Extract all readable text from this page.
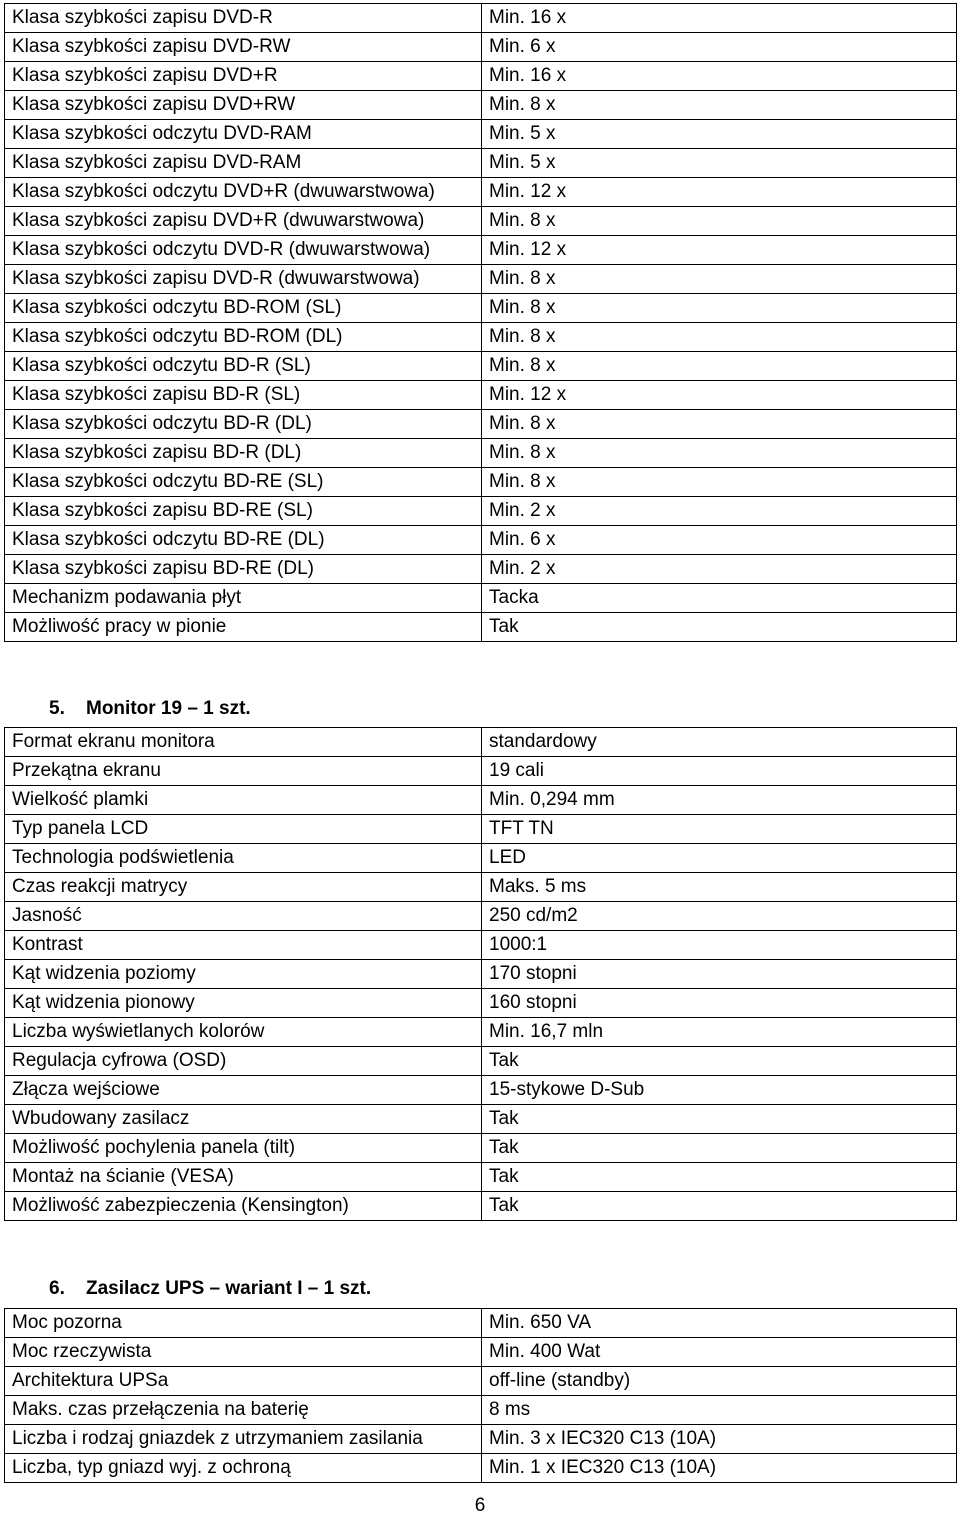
Klasa szybkości zapisu DVD-R	Min. 16 x
Klasa szybkości zapisu DVD-RW	Min. 6 x
Klasa szybkości zapisu DVD+R	Min. 16 x
Klasa szybkości zapisu DVD+RW	Min. 8 x
Klasa szybkości odczytu DVD-RAM	Min. 5 x
Klasa szybkości zapisu DVD-RAM	Min. 5 x
Klasa szybkości odczytu DVD+R (dwuwarstwowa)	Min. 12 x
Klasa szybkości zapisu DVD+R (dwuwarstwowa)	Min. 8 x
Klasa szybkości odczytu DVD-R (dwuwarstwowa)	Min. 12 x
Klasa szybkości zapisu DVD-R (dwuwarstwowa)	Min. 8 x
Klasa szybkości odczytu BD-ROM (SL)	Min. 8 x
Klasa szybkości odczytu BD-ROM (DL)	Min. 8 x
Klasa szybkości odczytu BD-R (SL)	Min. 8 x
Klasa szybkości zapisu BD-R (SL)	Min. 12 x
Klasa szybkości odczytu BD-R (DL)	Min. 8 x
Klasa szybkości zapisu BD-R (DL)	Min. 8 x
Klasa szybkości odczytu BD-RE (SL)	Min. 8 x
Klasa szybkości zapisu BD-RE (SL)	Min. 2 x
Klasa szybkości odczytu BD-RE (DL)	Min. 6 x
Klasa szybkości zapisu BD-RE (DL)	Min. 2 x
Mechanizm podawania płyt	Tacka
Możliwość pracy w pionie	Tak
5. Monitor 19 – 1 szt.
Format ekranu monitora	standardowy
Przekątna ekranu	19 cali
Wielkość plamki	Min. 0,294 mm
Typ panela LCD	TFT TN
Technologia podświetlenia	LED
Czas reakcji matrycy	Maks. 5 ms
Jasność	250 cd/m2
Kontrast	1000:1
Kąt widzenia poziomy	170 stopni
Kąt widzenia pionowy	160 stopni
Liczba wyświetlanych kolorów	Min. 16,7 mln
Regulacja cyfrowa (OSD)	Tak
Złącza wejściowe	15-stykowe D-Sub
Wbudowany zasilacz	Tak
Możliwość pochylenia panela (tilt)	Tak
Montaż na ścianie (VESA)	Tak
Możliwość zabezpieczenia (Kensington)	Tak
6. Zasilacz UPS – wariant I – 1 szt.
Moc pozorna	Min. 650 VA
Moc rzeczywista	Min. 400 Wat
Architektura UPSa	off-line (standby)
Maks. czas przełączenia na baterię	8 ms
Liczba i rodzaj gniazdek z utrzymaniem zasilania	Min. 3 x IEC320 C13 (10A)
Liczba, typ gniazd wyj. z ochroną	Min. 1 x IEC320 C13 (10A)
6
